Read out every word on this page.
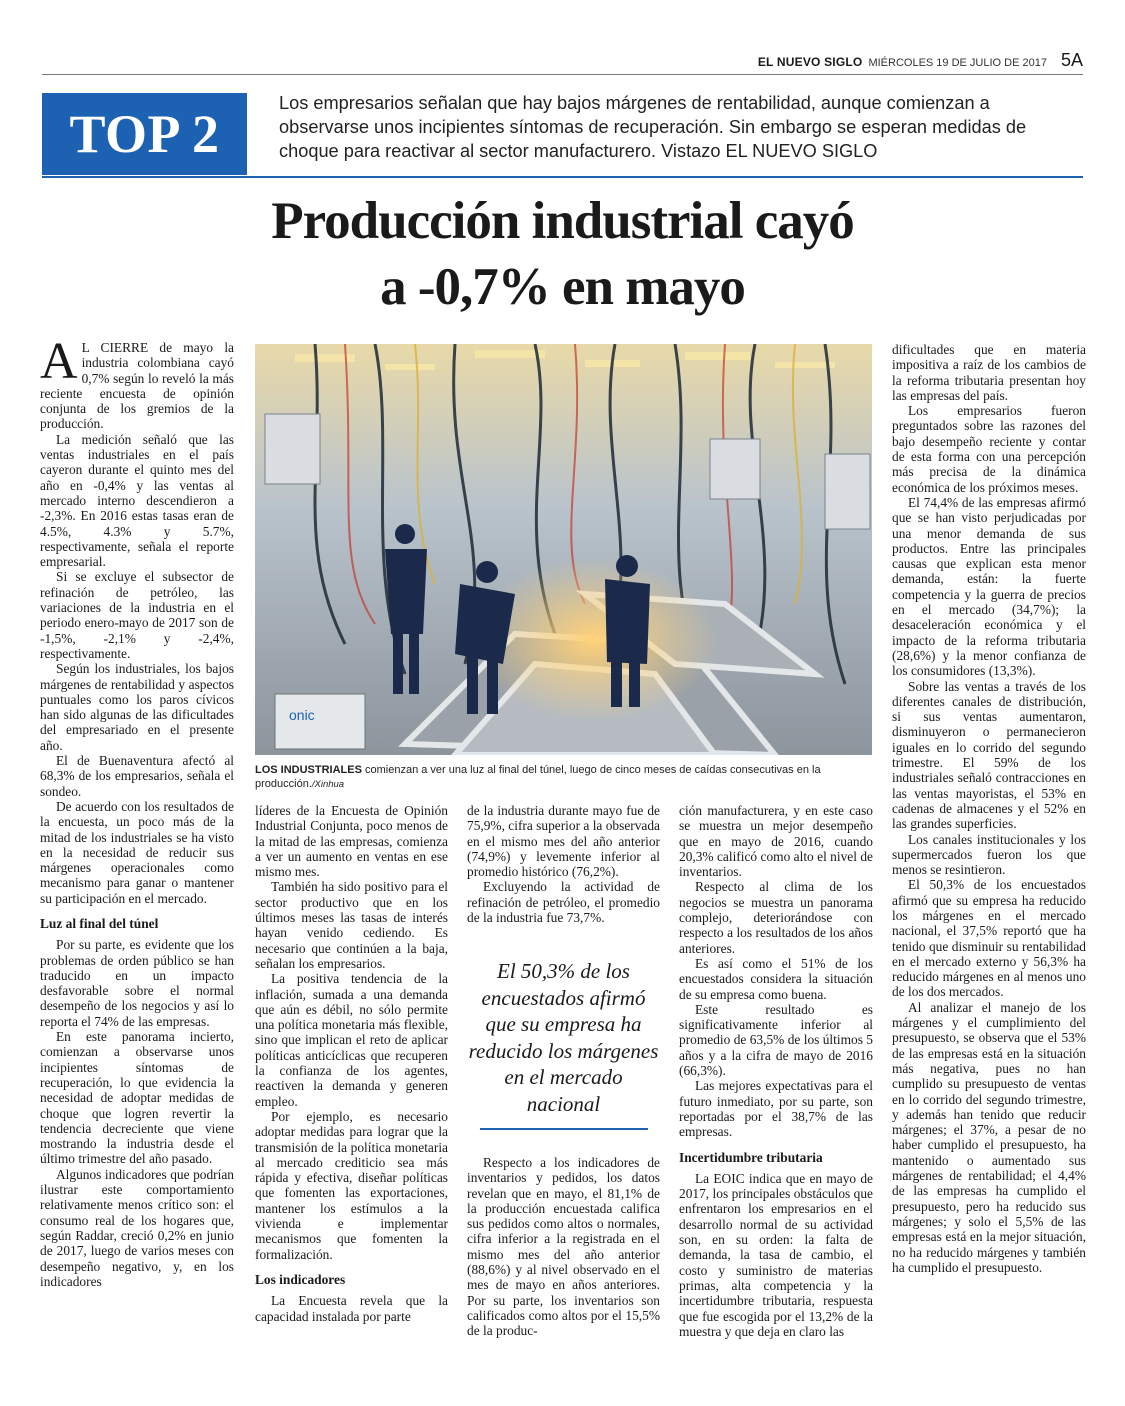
EL NUEVO SIGLO MIÉRCOLES 19 DE JULIO DE 2017 5A
TOP 2
Los empresarios señalan que hay bajos márgenes de rentabilidad, aunque comienzan a observarse unos incipientes síntomas de recuperación. Sin embargo se esperan medidas de choque para reactivar al sector manufacturero. Vistazo EL NUEVO SIGLO
Producción industrial cayó
a -0,7% en mayo

A L CIERRE de mayo la industria colombiana cayó 0,7% según lo reveló la más reciente encuesta de opinión conjunta de los gremios de la producción.

La medición señaló que las ventas industriales en el país cayeron durante el quinto mes del año en -0,4% y las ventas al mercado interno descendieron a -2,3%. En 2016 estas tasas eran de 4.5%, 4.3% y 5.7%, respectivamente, señala el reporte empresarial.

Si se excluye el subsector de refinación de petróleo, las variaciones de la industria en el periodo enero-mayo de 2017 son de -1,5%, -2,1% y -2,4%, respectivamente.

Según los industriales, los bajos márgenes de rentabilidad y aspectos puntuales como los paros cívicos han sido algunas de las dificultades del empresariado en el presente año.

El de Buenaventura afectó al 68,3% de los empresarios, señala el sondeo.

De acuerdo con los resultados de la encuesta, un poco más de la mitad de los industriales se ha visto en la necesidad de reducir sus márgenes operacionales como mecanismo para ganar o mantener su participación en el mercado.

Luz al final del túnel

Por su parte, es evidente que los problemas de orden público se han traducido en un impacto desfavorable sobre el normal desempeño de los negocios y así lo reporta el 74% de las empresas.

En este panorama incierto, comienzan a observarse unos incipientes síntomas de recuperación, lo que evidencia la necesidad de adoptar medidas de choque que logren revertir la tendencia decreciente que viene mostrando la industria desde el último trimestre del año pasado.

Algunos indicadores que podrían ilustrar este comportamiento relativamente menos crítico son: el consumo real de los hogares que, según Raddar, creció 0,2% en junio de 2017, luego de varios meses con desempeño negativo, y, en los indicadores

onic
LOS INDUSTRIALES comienzan a ver una luz al final del túnel, luego de cinco meses de caídas consecutivas en la producción./Xinhua

líderes de la Encuesta de Opinión Industrial Conjunta, poco menos de la mitad de las empresas, comienza a ver un aumento en ventas en ese mismo mes.

También ha sido positivo para el sector productivo que en los últimos meses las tasas de interés hayan venido cediendo. Es necesario que continúen a la baja, señalan los empresarios.

La positiva tendencia de la inflación, sumada a una demanda que aún es débil, no sólo permite una política monetaria más flexible, sino que implican el reto de aplicar políticas anticíclicas que recuperen la confianza de los agentes, reactiven la demanda y generen empleo.

Por ejemplo, es necesario adoptar medidas para lograr que la transmisión de la política monetaria al mercado crediticio sea más rápida y efectiva, diseñar políticas que fomenten las exportaciones, mantener los estímulos a la vivienda e implementar mecanismos que fomenten la formalización.

Los indicadores

La Encuesta revela que la capacidad instalada por parte

de la industria durante mayo fue de 75,9%, cifra superior a la observada en el mismo mes del año anterior (74,9%) y levemente inferior al promedio histórico (76,2%).

Excluyendo la actividad de refinación de petróleo, el promedio de la industria fue 73,7%.

El 50,3% de los encuestados afirmó que su empresa ha reducido los márgenes en el mercado nacional

Respecto a los indicadores de inventarios y pedidos, los datos revelan que en mayo, el 81,1% de la producción encuestada califica sus pedidos como altos o normales, cifra inferior a la registrada en el mismo mes del año anterior (88,6%) y al nivel observado en el mes de mayo en años anteriores. Por su parte, los inventarios son calificados como altos por el 15,5% de la produc-

ción manufacturera, y en este caso se muestra un mejor desempeño que en mayo de 2016, cuando 20,3% calificó como alto el nivel de inventarios.

Respecto al clima de los negocios se muestra un panorama complejo, deteriorándose con respecto a los resultados de los años anteriores.

Es así como el 51% de los encuestados considera la situación de su empresa como buena.

Este resultado es significativamente inferior al promedio de 63,5% de los últimos 5 años y a la cifra de mayo de 2016 (66,3%).

Las mejores expectativas para el futuro inmediato, por su parte, son reportadas por el 38,7% de las empresas.

Incertidumbre tributaria

La EOIC indica que en mayo de 2017, los principales obstáculos que enfrentaron los empresarios en el desarrollo normal de su actividad son, en su orden: la falta de demanda, la tasa de cambio, el costo y suministro de materias primas, alta competencia y la incertidumbre tributaria, respuesta que fue escogida por el 13,2% de la muestra y que deja en claro las

dificultades que en materia impositiva a raíz de los cambios de la reforma tributaria presentan hoy las empresas del país.

Los empresarios fueron preguntados sobre las razones del bajo desempeño reciente y contar de esta forma con una percepción más precisa de la dinámica económica de los próximos meses.

El 74,4% de las empresas afirmó que se han visto perjudicadas por una menor demanda de sus productos. Entre las principales causas que explican esta menor demanda, están: la fuerte competencia y la guerra de precios en el mercado (34,7%); la desaceleración económica y el impacto de la reforma tributaria (28,6%) y la menor confianza de los consumidores (13,3%).

Sobre las ventas a través de los diferentes canales de distribución, si sus ventas aumentaron, disminuyeron o permanecieron iguales en lo corrido del segundo trimestre. El 59% de los industriales señaló contracciones en las ventas mayoristas, el 53% en cadenas de almacenes y el 52% en las grandes superficies.

Los canales institucionales y los supermercados fueron los que menos se resintieron.

El 50,3% de los encuestados afirmó que su empresa ha reducido los márgenes en el mercado nacional, el 37,5% reportó que ha tenido que disminuir su rentabilidad en el mercado externo y 56,3% ha reducido márgenes en al menos uno de los dos mercados.

Al analizar el manejo de los márgenes y el cumplimiento del presupuesto, se observa que el 53% de las empresas está en la situación más negativa, pues no han cumplido su presupuesto de ventas en lo corrido del segundo trimestre, y además han tenido que reducir márgenes; el 37%, a pesar de no haber cumplido el presupuesto, ha mantenido o aumentado sus márgenes de rentabilidad; el 4,4% de las empresas ha cumplido el presupuesto, pero ha reducido sus márgenes; y solo el 5,5% de las empresas está en la mejor situación, no ha reducido márgenes y también ha cumplido el presupuesto.
